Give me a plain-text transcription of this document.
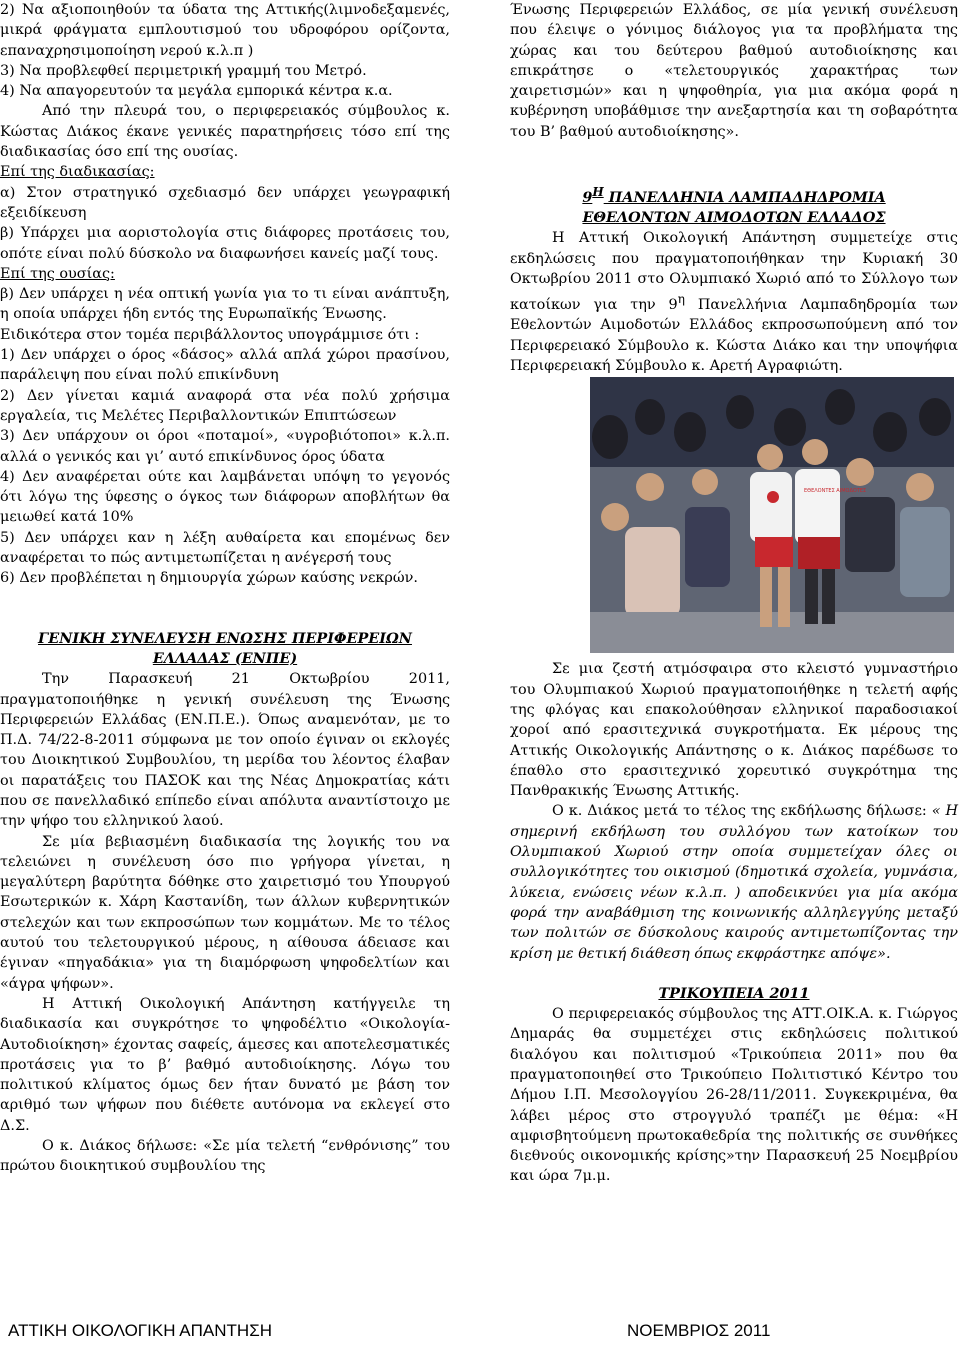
2) Να αξιοποιηθούν τα ύδατα της Αττικής(λιμνοδεξαμενές, μικρά φράγματα εμπλουτισμού του υδροφόρου ορίζοντα, επαναχρησιμοποίηση νερού κ.λ.π )

3) Να προβλεφθεί περιμετρική γραμμή του Μετρό.

4) Να απαγορευτούν τα μεγάλα εμπορικά κέντρα κ.α.

Από την πλευρά του, ο περιφερειακός σύμβουλος κ. Κώστας Διάκος έκανε γενικές παρατηρήσεις τόσο επί της διαδικασίας όσο επί της ουσίας.

Επί της διαδικασίας:

α) Στον στρατηγικό σχεδιασμό δεν υπάρχει γεωγραφική εξειδίκευση

β) Υπάρχει μια αοριστολογία στις διάφορες προτάσεις του, οπότε είναι πολύ δύσκολο να διαφωνήσει κανείς μαζί τους.

Επί της ουσίας:

β) Δεν υπάρχει η νέα οπτική γωνία για το τι είναι ανάπτυξη, η οποία υπάρχει ήδη εντός της Ευρωπαϊκής Ένωσης.

Ειδικότερα στον τομέα περιβάλλοντος υπογράμμισε ότι :

1) Δεν υπάρχει ο όρος «δάσος» αλλά απλά χώροι πρασίνου, παράλειψη που είναι πολύ επικίνδυνη

2) Δεν γίνεται καμιά αναφορά στα νέα πολύ χρήσιμα εργαλεία, τις Μελέτες Περιβαλλοντικών Επιπτώσεων

3) Δεν υπάρχουν οι όροι «ποταμοί», «υγροβιότοποι» κ.λ.π. αλλά ο γενικός και γι’ αυτό επικίνδυνος όρος ύδατα

4) Δεν αναφέρεται ούτε και λαμβάνεται υπόψη το γεγονός ότι λόγω της ύφεσης ο όγκος των διάφορων αποβλήτων θα μειωθεί κατά 10%

5) Δεν υπάρχει καν η λέξη αυθαίρετα και επομένως δεν αναφέρεται το πώς αντιμετωπίζεται η ανέγερσή τους

6) Δεν προβλέπεται η δημιουργία χώρων καύσης νεκρών.

ΓΕΝΙΚΗ ΣΥΝΕΛΕΥΣΗ ΕΝΩΣΗΣ ΠΕΡΙΦΕΡΕΙΩΝ ΕΛΛΑΔΑΣ (ΕΝΠΕ)

Την Παρασκευή 21 Οκτωβρίου 2011, πραγματοποιήθηκε η γενική συνέλευση της Ένωσης Περιφερειών Ελλάδας (ΕΝ.Π.Ε.). Όπως αναμενόταν, με το Π.Δ. 74/22-8-2011 σύμφωνα με τον οποίο έγιναν οι εκλογές του Διοικητικού Συμβουλίου, τη μερίδα του λέοντος έλαβαν οι παρατάξεις του ΠΑΣΟΚ και της Νέας Δημοκρατίας κάτι που σε πανελλαδικό επίπεδο είναι απόλυτα αναντίστοιχο με την ψήφο του ελληνικού λαού.

Σε μία βεβιασμένη διαδικασία της λογικής του να τελειώνει η συνέλευση όσο πιο γρήγορα γίνεται, η μεγαλύτερη βαρύτητα δόθηκε στο χαιρετισμό του Υπουργού Εσωτερικών κ. Χάρη Καστανίδη, των άλλων κυβερνητικών στελεχών και των εκπροσώπων των κομμάτων. Με το τέλος αυτού του τελετουργικού μέρους, η αίθουσα άδειασε και έγιναν «πηγαδάκια» για τη διαμόρφωση ψηφοδελτίων και «άγρα ψήφων».

Η Αττική Οικολογική Απάντηση κατήγγειλε τη διαδικασία και συγκρότησε το ψηφοδέλτιο «Οικολογία-Αυτοδιοίκηση» έχοντας σαφείς, άμεσες και αποτελεσματικές προτάσεις για το β’ βαθμό αυτοδιοίκησης. Λόγω του πολιτικού κλίματος όμως δεν ήταν δυνατό με βάση τον αριθμό των ψήφων που διέθετε αυτόνομα να εκλεγεί στο Δ.Σ.

Ο κ. Διάκος δήλωσε: «Σε μία τελετή “ενθρόνισης” του πρώτου διοικητικού συμβουλίου της

Ένωσης Περιφερειών Ελλάδος, σε μία γενική συνέλευση που έλειψε ο γόνιμος διάλογος για τα προβλήματα της χώρας και του δεύτερου βαθμού αυτοδιοίκησης και επικράτησε ο «τελετουργικός χαρακτήρας των χαιρετισμών» και η ψηφοθηρία, για μια ακόμα φορά η κυβέρνηση υποβάθμισε την ανεξαρτησία και τη σοβαρότητα του Β’ βαθμού αυτοδιοίκησης».

$9^H$ ΠΑΝΕΛΛΗΝΙΑ ΛΑΜΠΑΔΗΔΡΟΜΙΑ
ΕΘΕΛΟΝΤΩΝ ΑΙΜΟΔΟΤΩΝ ΕΛΛΑΔΟΣ

Η Αττική Οικολογική Απάντηση συμμετείχε στις εκδηλώσεις που πραγματοποιήθηκαν την Κυριακή 30 Οκτωβρίου 2011 στο Ολυμπιακό Χωριό από το Σύλλογο των κατοίκων για την $9^\eta$ Πανελλήνια Λαμπαδηδρομία των Εθελοντών Αιμοδοτών Ελλάδος εκπροσωπούμενη από τον Περιφερειακό Σύμβουλο κ. Κώστα Διάκο και την υποψήφια Περιφερειακή Σύμβουλο κ. Αρετή Αγραφιώτη.

Σε μια ζεστή ατμόσφαιρα στο κλειστό γυμναστήριο του Ολυμπιακού Χωριού πραγματοποιήθηκε η τελετή αφής της φλόγας και επακολούθησαν ελληνικοί παραδοσιακοί χοροί από ερασιτεχνικά συγκροτήματα. Εκ μέρους της Αττικής Οικολογικής Απάντησης ο κ. Διάκος παρέδωσε το έπαθλο στο ερασιτεχνικό χορευτικό συγκρότημα της Πανθρακικής Ένωσης Αττικής.

Ο κ. Διάκος μετά το τέλος της εκδήλωσης δήλωσε: « Η σημερινή εκδήλωση του συλλόγου των κατοίκων του Ολυμπιακού Χωριού στην οποία συμμετείχαν όλες οι συλλογικότητες του οικισμού (δημοτικά σχολεία, γυμνάσια, λύκεια, ενώσεις νέων κ.λ.π. ) αποδεικνύει για μία ακόμα φορά την αναβάθμιση της κοινωνικής αλληλεγγύης μεταξύ των πολιτών σε δύσκολους καιρούς αντιμετωπίζοντας την κρίση με θετική διάθεση όπως εκφράστηκε απόψε».

ΤΡΙΚΟΥΠΕΙΑ 2011

Ο περιφερειακός σύμβουλος της ΑΤΤ.ΟΙΚ.Α. κ. Γιώργος Δημαράς θα συμμετέχει στις εκδηλώσεις πολιτικού διαλόγου και πολιτισμού «Τρικούπεια 2011» που θα πραγματοποιηθεί στο Τρικούπειο Πολιτιστικό Κέντρο του Δήμου Ι.Π. Μεσολογγίου 26-28/11/2011. Συγκεκριμένα, θα λάβει μέρος στο στρογγυλό τραπέζι με θέμα: «Η αμφισβητούμενη πρωτοκαθεδρία της πολιτικής σε συνθήκες διεθνούς οικονομικής κρίσης»την Παρασκευή 25 Νοεμβρίου και ώρα 7μ.μ.

ΕΘΕΛΟΝΤΕΣ ΑΙΜΟΔΟΤΕΣ
ΑΤΤΙΚΗ ΟΙΚΟΛΟΓΙΚΗ ΑΠΑΝΤΗΣΗ	ΝΟΕΜΒΡΙΟΣ 2011
